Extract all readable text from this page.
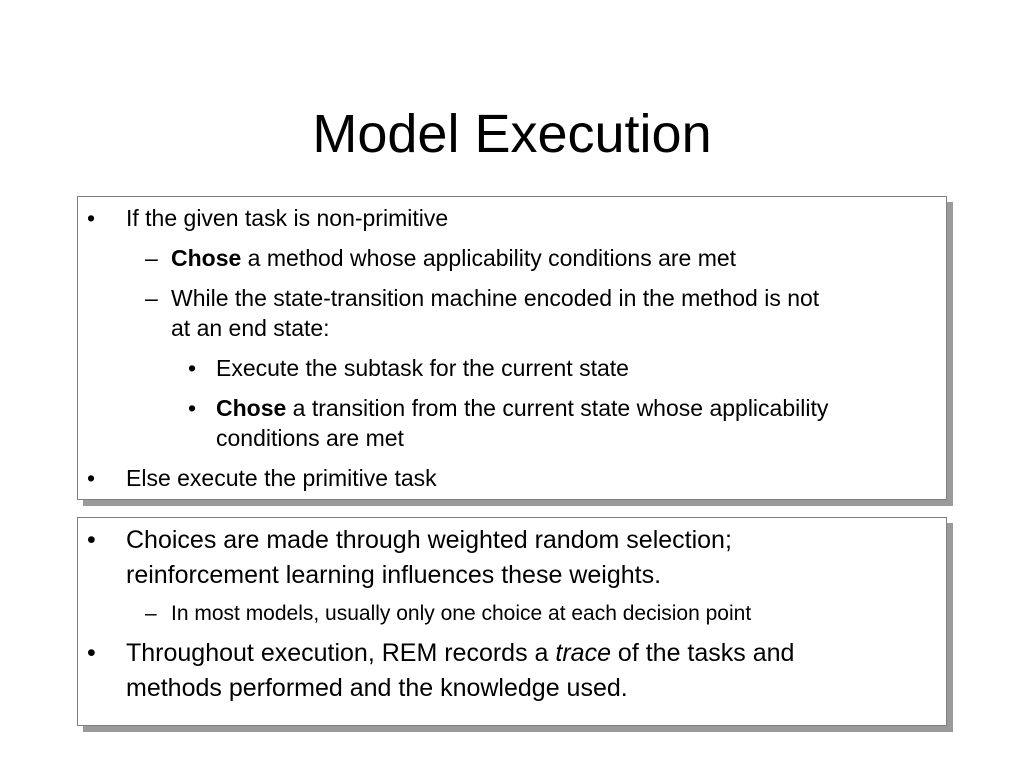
Model Execution
• If the given task is non-primitive
– Chose a method whose applicability conditions are met
– While the state-transition machine encoded in the method is not
at an end state:
• Execute the subtask for the current state
• Chose a transition from the current state whose applicability
conditions are met
• Else execute the primitive task
• Choices are made through weighted random selection;
reinforcement learning influences these weights.
– In most models, usually only one choice at each decision point
• Throughout execution, REM records a trace of the tasks and
methods performed and the knowledge used.
